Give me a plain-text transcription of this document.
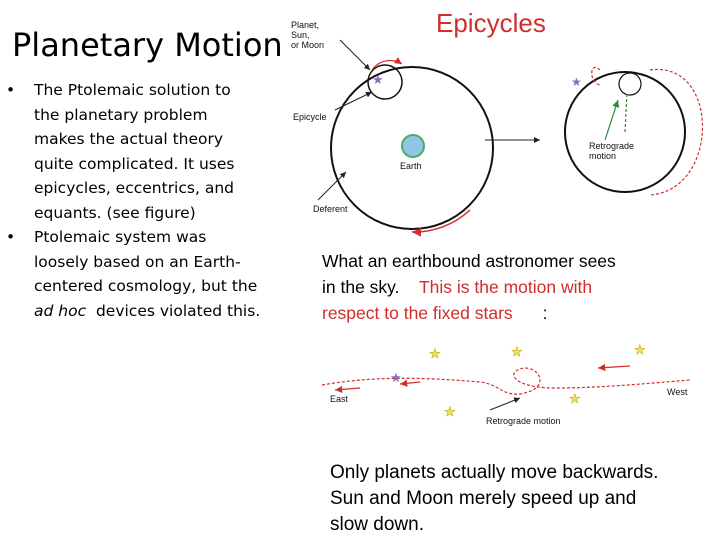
Planetary Motion
• The Ptolemaic solution to
the planetary problem
makes the actual theory
quite complicated. It uses
epicycles, eccentrics, and
equants. (see figure)
• Ptolemaic system was
loosely based on an Earth-
centered cosmology, but the
ad hoc  devices violated this.
Epicycles
Planet,
Sun,
or Moon
Epicycle
Earth
Deferent
Retrograde
motion
East
West
Retrograde motion
What an earthbound astronomer sees
in the sky. This is the motion with
respect to the fixed stars :
Only planets actually move backwards.
Sun and Moon merely speed up and
slow down.
★	★
★	★	★
★
★
★
